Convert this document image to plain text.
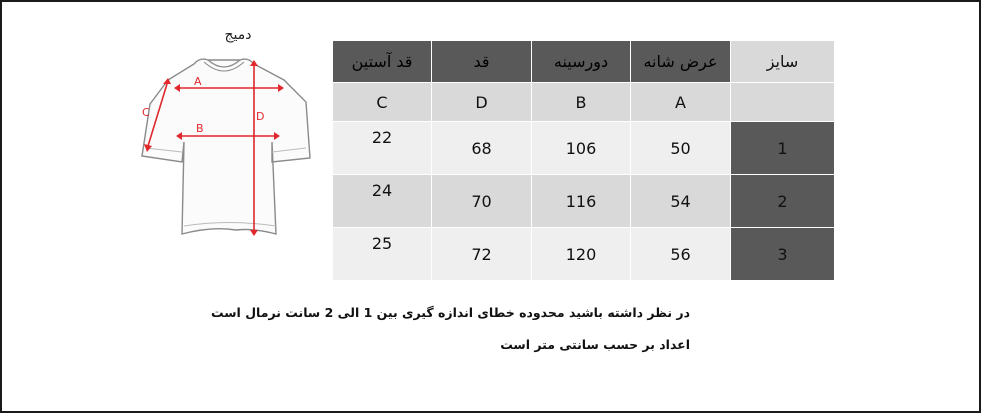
دمیج
A
B
C	D
سایز	عرض شانه	دورسینه	قد	قد آستین
	A	B	D	C
1	50	106	68	22
2	54	116	70	24
3	56	120	72	25
در نظر داشته باشید محدوده خطای اندازه گیری بین 1 الی 2 سانت نرمال است
اعداد بر حسب سانتی متر است
